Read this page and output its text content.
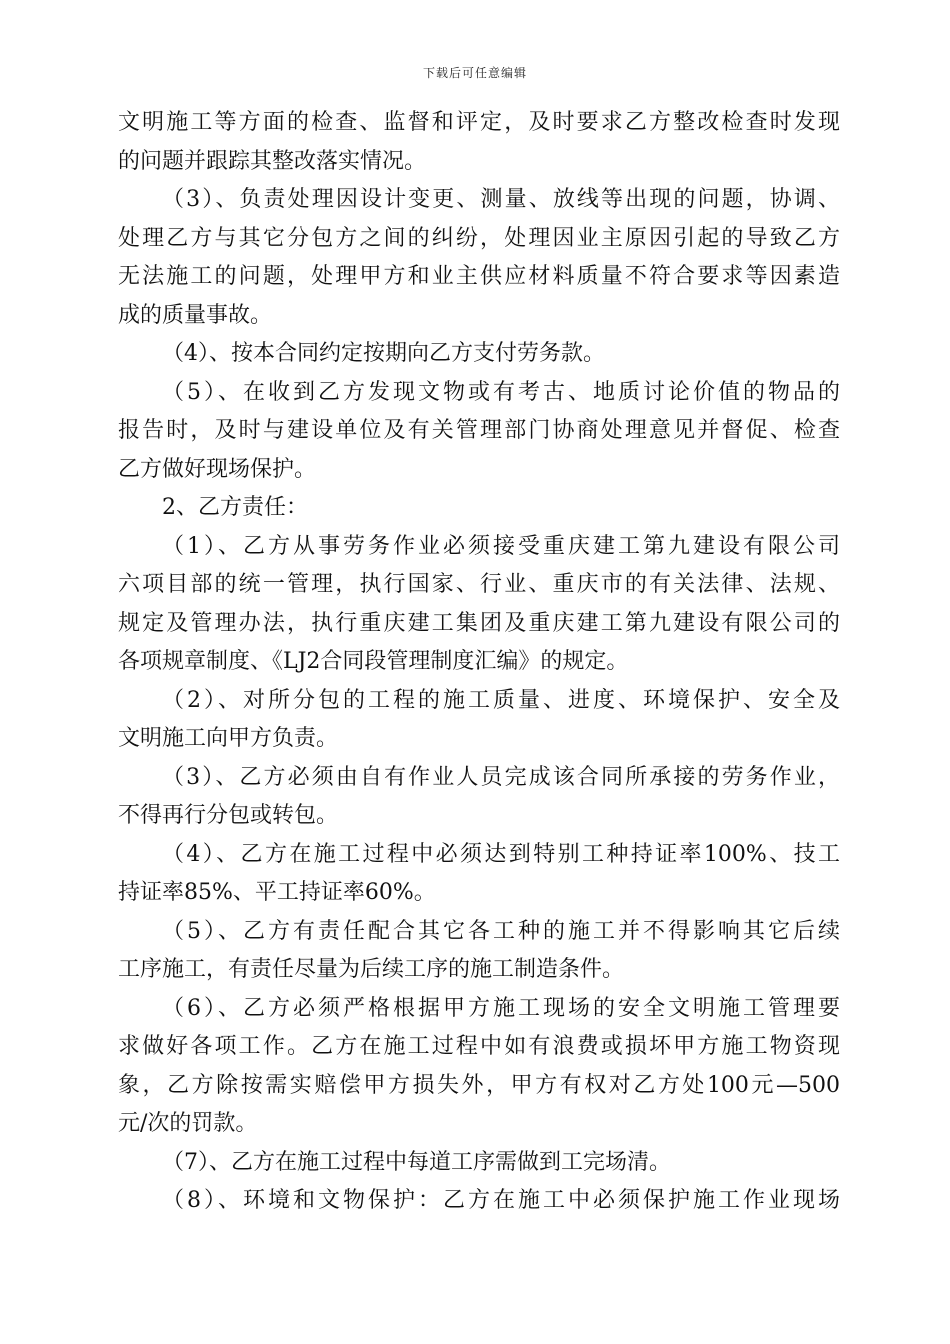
下载后可任意编辑
文明施工等方面的检查、监督和评定，及时要求乙方整改检查时发现
的问题并跟踪其整改落实情况。
（3）、负责处理因设计变更、测量、放线等出现的问题，协调、
处理乙方与其它分包方之间的纠纷，处理因业主原因引起的导致乙方
无法施工的问题，处理甲方和业主供应材料质量不符合要求等因素造
成的质量事故。
（4）、按本合同约定按期向乙方支付劳务款。
（5）、在收到乙方发现文物或有考古、地质讨论价值的物品的
报告时，及时与建设单位及有关管理部门协商处理意见并督促、检查
乙方做好现场保护。
2、乙方责任：
（1）、乙方从事劳务作业必须接受重庆建工第九建设有限公司
六项目部的统一管理，执行国家、行业、重庆市的有关法律、法规、
规定及管理办法，执行重庆建工集团及重庆建工第九建设有限公司的
各项规章制度、《LJ2合同段管理制度汇编》的规定。
（2）、对所分包的工程的施工质量、进度、环境保护、安全及
文明施工向甲方负责。
（3）、乙方必须由自有作业人员完成该合同所承接的劳务作业，
不得再行分包或转包。
（4）、乙方在施工过程中必须达到特别工种持证率100%、技工
持证率85%、平工持证率60%。
（5）、乙方有责任配合其它各工种的施工并不得影响其它后续
工序施工，有责任尽量为后续工序的施工制造条件。
（6）、乙方必须严格根据甲方施工现场的安全文明施工管理要
求做好各项工作。乙方在施工过程中如有浪费或损坏甲方施工物资现
象，乙方除按需实赔偿甲方损失外，甲方有权对乙方处100元—500
元/次的罚款。
（7）、乙方在施工过程中每道工序需做到工完场清。
（8）、环境和文物保护：乙方在施工中必须保护施工作业现场
